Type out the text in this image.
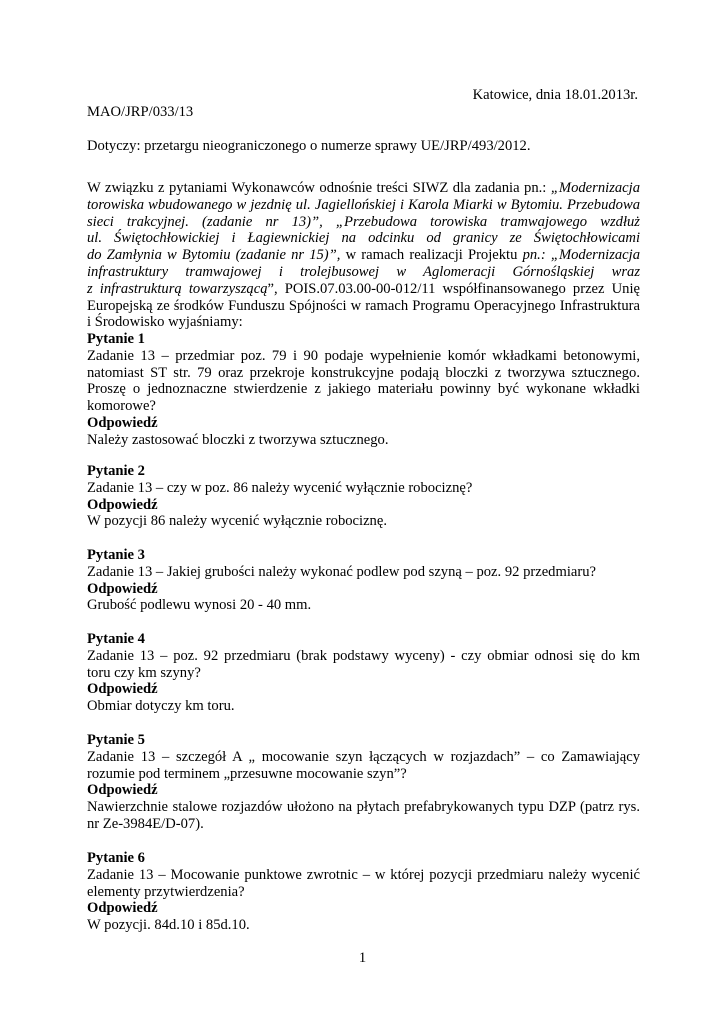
Katowice, dnia 18.01.2013r.
MAO/JRP/033/13
Dotyczy: przetargu nieograniczonego o numerze sprawy UE/JRP/493/2012.
W związku z pytaniami Wykonawców odnośnie treści SIWZ dla zadania pn.: „Modernizacja
torowiska wbudowanego w jezdnię ul. Jagiellońskiej i Karola Miarki w Bytomiu. Przebudowa
sieci trakcyjnej. (zadanie nr 13)”, „Przebudowa torowiska tramwajowego wzdłuż
ul. Świętochłowickiej i Łagiewnickiej na odcinku od granicy ze Świętochłowicami
do Zamłynia w Bytomiu (zadanie nr 15)”, w ramach realizacji Projektu pn.: „Modernizacja
infrastruktury tramwajowej i trolejbusowej w Aglomeracji Górnośląskiej wraz
z infrastrukturą towarzyszącą”, POIS.07.03.00-00-012/11 współfinansowanego przez Unię
Europejską ze środków Funduszu Spójności w ramach Programu Operacyjnego Infrastruktura
i Środowisko wyjaśniamy:
Pytanie 1
Zadanie 13 – przedmiar poz. 79 i 90 podaje wypełnienie komór wkładkami betonowymi,
natomiast ST str. 79 oraz przekroje konstrukcyjne podają bloczki z tworzywa sztucznego.
Proszę o jednoznaczne stwierdzenie z jakiego materiału powinny być wykonane wkładki
komorowe?
Odpowiedź
Należy zastosować bloczki z tworzywa sztucznego.
Pytanie 2
Zadanie 13 – czy w poz. 86 należy wycenić wyłącznie robociznę?
Odpowiedź
W pozycji 86 należy wycenić wyłącznie robociznę.
Pytanie 3
Zadanie 13 – Jakiej grubości należy wykonać podlew pod szyną – poz. 92 przedmiaru?
Odpowiedź
Grubość podlewu wynosi 20 - 40 mm.
Pytanie 4
Zadanie 13 – poz. 92 przedmiaru (brak podstawy wyceny) - czy obmiar odnosi się do km
toru czy km szyny?
Odpowiedź
Obmiar dotyczy km toru.
Pytanie 5
Zadanie 13 – szczegół A „ mocowanie szyn łączących w rozjazdach” – co Zamawiający
rozumie pod terminem „przesuwne mocowanie szyn”?
Odpowiedź
Nawierzchnie stalowe rozjazdów ułożono na płytach prefabrykowanych typu DZP (patrz rys.
nr Ze-3984E/D-07).
Pytanie 6
Zadanie 13 – Mocowanie punktowe zwrotnic – w której pozycji przedmiaru należy wycenić
elementy przytwierdzenia?
Odpowiedź
W pozycji. 84d.10 i 85d.10.
1
